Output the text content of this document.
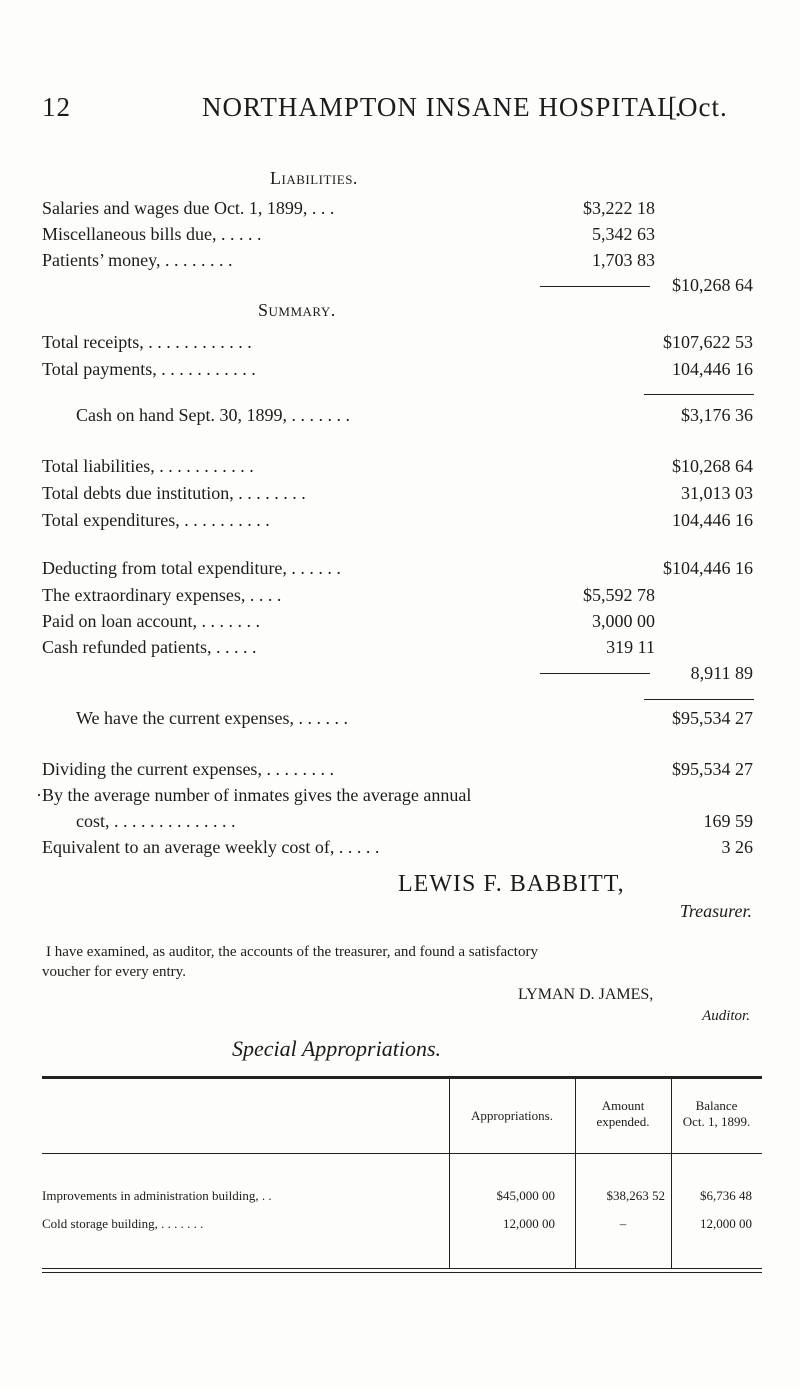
12	NORTHAMPTON INSANE HOSPITAL.
[Oct.
Liabilities.
Salaries and wages due Oct. 1, 1899, . . .	$3,222 18
Miscellaneous bills due, . . . . .	5,342 63
Patients’ money, . . . . . . . .	1,703 83
$10,268 64
Summary.
Total receipts, . . . . . . . . . . . .	$107,622 53
Total payments, . . . . . . . . . . .	104,446 16
Cash on hand Sept. 30, 1899, . . . . . . .	$3,176 36
Total liabilities, . . . . . . . . . . .	$10,268 64
Total debts due institution, . . . . . . . .	31,013 03
Total expenditures, . . . . . . . . . .	104,446 16
Deducting from total expenditure, . . . . . .	$104,446 16
The extraordinary expenses, . . . .	$5,592 78
Paid on loan account, . . . . . . .	3,000 00
Cash refunded patients, . . . . .	319 11
8,911 89
We have the current expenses, . . . . . .	$95,534 27
Dividing the current expenses, . . . . . . . .	$95,534 27
·By the average number of inmates gives the average annual
cost, . . . . . . . . . . . . . .	169 59
Equivalent to an average weekly cost of, . . . . .	3 26
LEWIS F. BABBITT,
Treasurer.
I have examined, as auditor, the accounts of the treasurer, and found a satisfactory
voucher for every entry.
LYMAN D. JAMES,
Auditor.
Special Appropriations.
Appropriations.
Amount
expended.
Balance
Oct. 1, 1899.
Improvements in administration building, . .	$45,000 00	$38,263 52	$6,736 48
Cold storage building, . . . . . . .	12,000 00	–	12,000 00
